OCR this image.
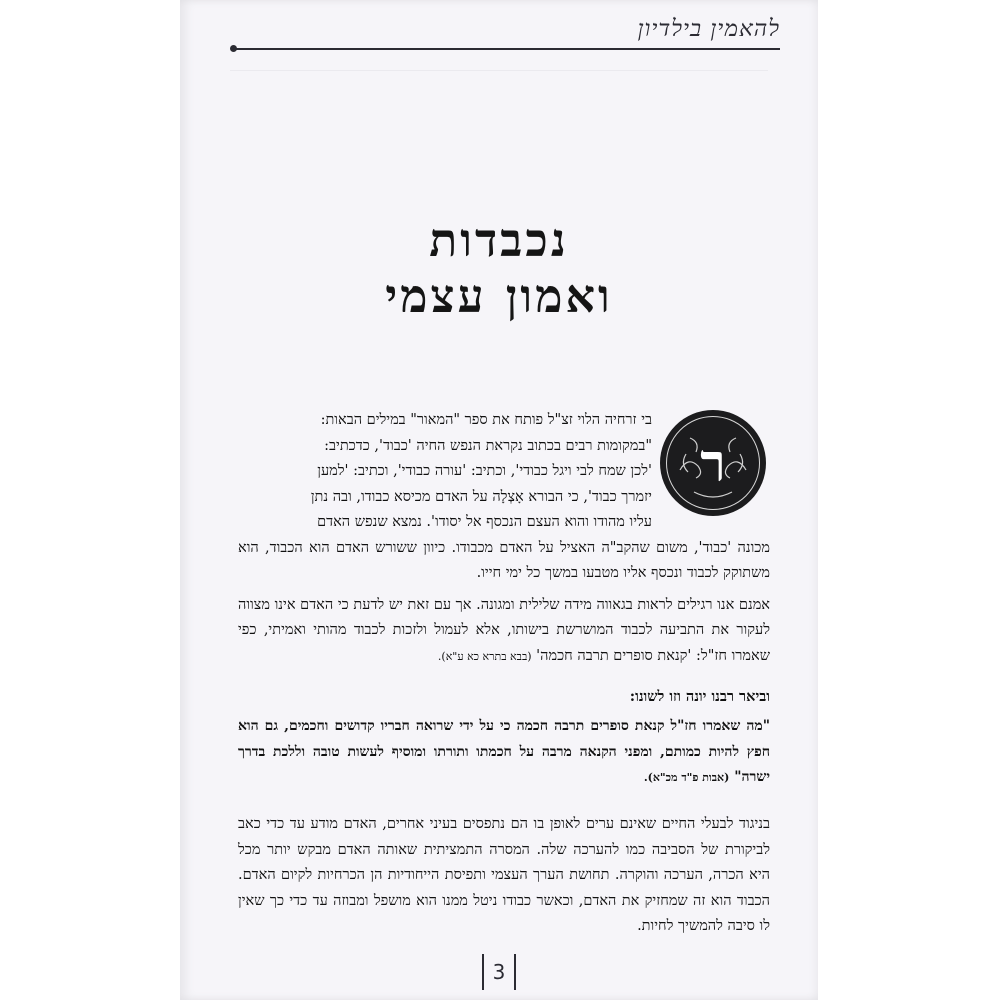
להאמין בילדיון
נכבדות
ואמון עצמי
ר
בי זרחיה הלוי זצ"ל פותח את ספר "המאור" במילים הבאות:
"במקומות רבים בכתוב נקראת הנפש החיה 'כבוד', כדכתיב:
'לכן שמח לבי ויגל כבודי', וכתיב: 'עורה כבודי', וכתיב: 'למען
יזמרך כבוד', כי הבורא אָצְלָה על האדם מכיסא כבודו, ובה נתן
עליו מהודו והוא העצם הנכסף אל יסודו'. נמצא שנפש האדם

מכונה 'כבוד', משום שהקב"ה האציל על האדם מכבודו. כיוון ששורש האדם הוא הכבוד, הוא משתוקק לכבוד ונכסף אליו מטבעו במשך כל ימי חייו.

אמנם אנו רגילים לראות בגאווה מידה שלילית ומגונה. אך עם זאת יש לדעת כי האדם אינו מצווה לעקור את התביעה לכבוד המושרשת בישותו, אלא לעמול ולזכות לכבוד מהותי ואמיתי, כפי שאמרו חז"ל: 'קנאת סופרים תרבה חכמה' (בבא בתרא כא ע"א).

וביאר רבנו יונה וזו לשונו:

"מה שאמרו חז"ל קנאת סופרים תרבה חכמה כי על ידי שרואה חבריו קדושים וחכמים, גם הוא חפץ להיות כמותם, ומפני הקנאה מרבה על חכמתו ותורתו ומוסיף לעשות טובה וללכת בדרך ישרה" (אבות פ"ד מכ"א).

בניגוד לבעלי החיים שאינם ערים לאופן בו הם נתפסים בעיני אחרים, האדם מודע עד כדי כאב לביקורת של הסביבה כמו להערכה שלה. המסרה התמציתית שאותה האדם מבקש יותר מכל היא הכרה, הערכה והוקרה. תחושת הערך העצמי ותפיסת הייחודיות הן הכרחיות לקיום האדם. הכבוד הוא זה שמחזיק את האדם, וכאשר כבודו ניטל ממנו הוא מושפל ומבוזה עד כדי כך שאין לו סיבה להמשיך לחיות.

3
